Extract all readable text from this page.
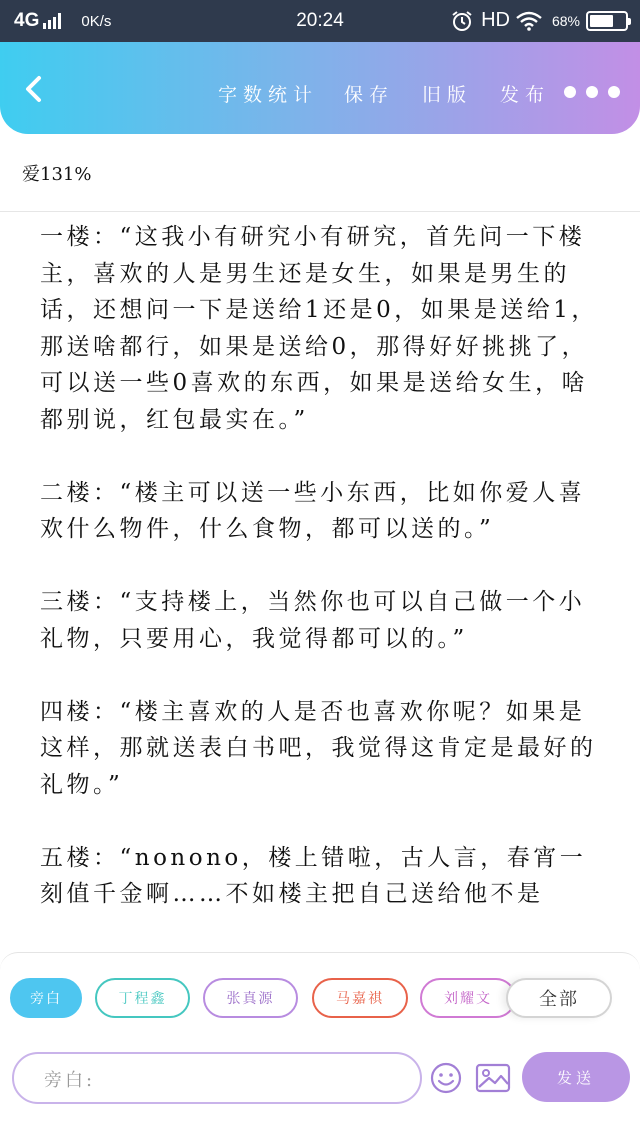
4G	0K/s	20:24	HD	68%
字数统计 保存 旧版 发布
爱131%

一楼：“这我小有研究小有研究，首先问一下楼主，喜欢的人是男生还是女生，如果是男生的话，还想问一下是送给1还是0，如果是送给1，那送啥都行，如果是送给0，那得好好挑挑了，可以送一些0喜欢的东西，如果是送给女生，啥都别说，红包最实在。”

二楼：“楼主可以送一些小东西，比如你爱人喜欢什么物件，什么食物，都可以送的。”

三楼：“支持楼上，当然你也可以自己做一个小礼物，只要用心，我觉得都可以的。”

四楼：“楼主喜欢的人是否也喜欢你呢？如果是这样，那就送表白书吧，我觉得这肯定是最好的礼物。”

五楼：“nonono，楼上错啦，古人言，春宵一刻值千金啊……不如楼主把自己送给他不是

旁白	丁程鑫	张真源	马嘉祺	刘耀文	全部
旁白:	发送
